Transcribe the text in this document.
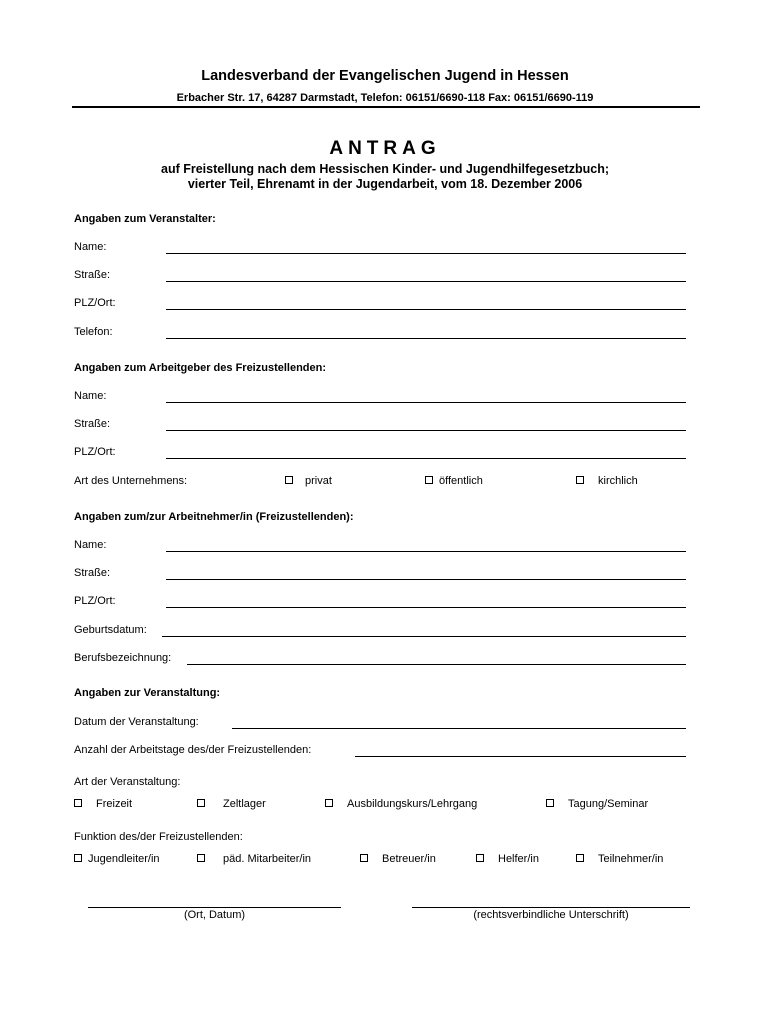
Landesverband der Evangelischen Jugend in Hessen
Erbacher Str. 17, 64287 Darmstadt, Telefon: 06151/6690-118 Fax: 06151/6690-119
ANTRAG
auf Freistellung nach dem Hessischen Kinder- und Jugendhilfegesetzbuch;
vierter Teil, Ehrenamt in der Jugendarbeit, vom 18. Dezember 2006
Angaben zum Veranstalter:
Name:
Straße:
PLZ/Ort:
Telefon:
Angaben zum Arbeitgeber des Freizustellenden:
Name:
Straße:
PLZ/Ort:
Art des Unternehmens:	privat	öffentlich	kirchlich
Angaben zum/zur Arbeitnehmer/in (Freizustellenden):
Name:
Straße:
PLZ/Ort:
Geburtsdatum:
Berufsbezeichnung:
Angaben zur Veranstaltung:
Datum der Veranstaltung:
Anzahl der Arbeitstage des/der Freizustellenden:
Art der Veranstaltung:
Freizeit	Zeltlager	Ausbildungskurs/Lehrgang	Tagung/Seminar
Funktion des/der Freizustellenden:
Jugendleiter/in	päd. Mitarbeiter/in	Betreuer/in	Helfer/in	Teilnehmer/in
(Ort, Datum)	(rechtsverbindliche Unterschrift)
